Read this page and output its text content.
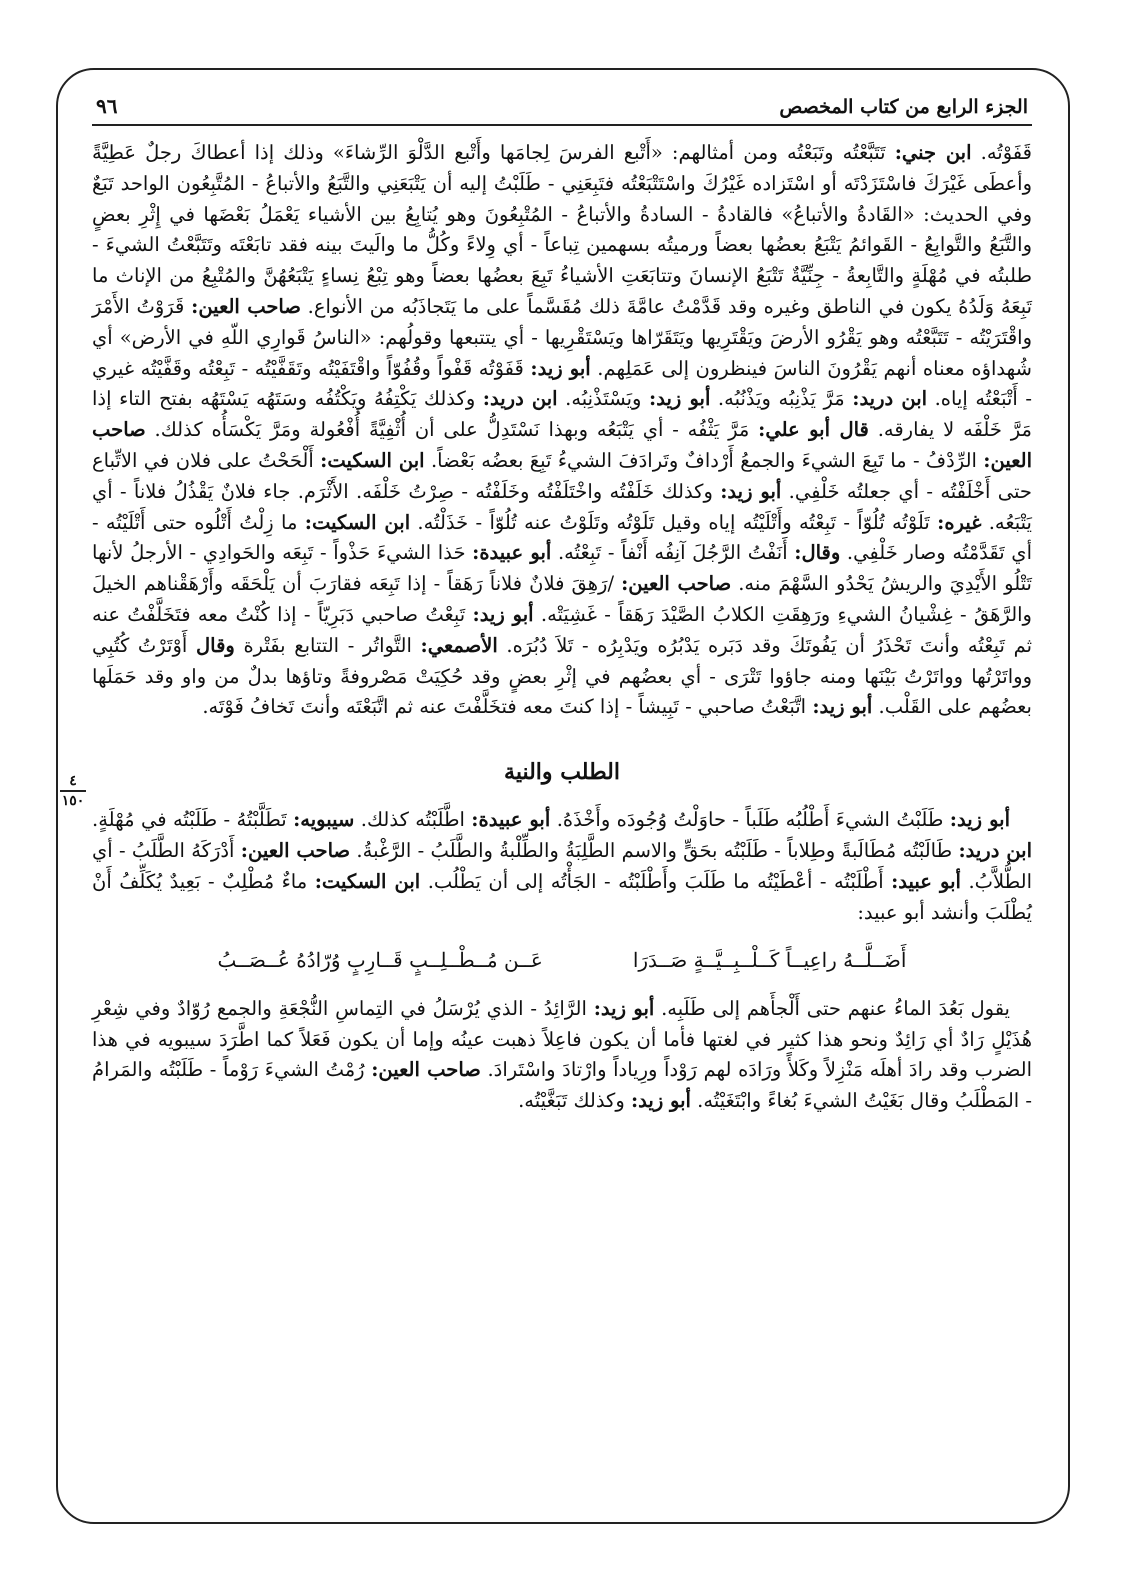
٤
١٥٠
الجزء الرابع من كتاب المخصص
٩٦

قَفَوْتُه. ابن جني: تَتَبَّعْتُه وتَبَعْتُه ومن أمثالهم: «أَتْبع الفرسَ لِجامَها وأَتْبع الدَّلْوَ الرِّشاءَ» وذلك إذا أعطاكَ رجلٌ عَطِيَّةً وأعطَى غَيْرَكَ فاسْتَزَدْتَه أو اسْتَزاده غَيْرُكَ واسْتَتْبَعْتُه فتَبِعَنِي - طَلَبْتُ إليه أن يَتْبَعَنِي والتَّبَعُ والأتباعُ - المُتَّبِعُون الواحد تَبَعٌ وفي الحديث: «القَادةُ والأتباعُ» فالقادةُ - السادةُ والأتباعُ - المُتْبِعُونَ وهو يُتابِعُ بين الأشياء يَعْمَلُ بَعْضَها في إِثْرِ بعضٍ والتَّبَعُ والتَّوابِعُ - القَوائمُ يَتْبَعُ بعضُها بعضاً ورميتُه بسهمين تِباعاً - أي وِلاءً وكُلُّ ما والَيتَ بينه فقد تابَعْتَه وتَتَبَّعْتُ الشيءَ - طلبتُه في مُهْلَةٍ والتَّابِعةُ - جِنِّيَّةٌ تَتْبَعُ الإنسانَ وتتابَعَتِ الأشياءُ تَبِعَ بعضُها بعضاً وهو تِبْعُ نِساءٍ يَتْبَعُهُنَّ والمُتْبِعُ من الإناث ما تَبِعَهُ وَلَدُهُ يكون في الناطق وغيره وقد قَدَّمْتُ عامَّةَ ذلك مُقَسَّماً على ما يَتَجاذَبُه من الأنواع. صاحب العين: قَرَوْتُ الأَمْرَ واقْتَرَيْتُه - تَتَبَّعْتُه وهو يَقْرُو الأرضَ ويَقْتَرِيها ويَتَقَرّاها ويَسْتَقْرِيها - أي يتتبعها وقولُهم: «الناسُ قَوارِي اللّهِ في الأرض» أي شُهداؤه معناه أنهم يَقْرُونَ الناسَ فينظرون إلى عَمَلِهم. أبو زيد: قَفَوْتُه قَفْواً وقُفُوّاً واقْتَفَيْتُه وتَقَفَّيْتُه - تَبِعْتُه وقَفَّيْتُه غيري - أَتْبَعْتُه إياه. ابن دريد: مَرَّ يَذْنِبُه ويَذْنُبُه. أبو زيد: ويَسْتَذْنِبُه. ابن دريد: وكذلك يَكْتِفُهُ ويَكْتُفُه وسَتَهُه يَسْتَهُه بفتح التاء إذا مَرَّ خَلْفَه لا يفارقه. قال أبو علي: مَرَّ يَثْفُه - أي يَتْبَعُه وبهذا نَسْتَدِلُّ على أن أُثْفِيَّةً أُفْعُولة ومَرَّ يَكْسَأُه كذلك. صاحب العين: الرِّدْفُ - ما تَبِعَ الشيءَ والجمعُ أَرْدافٌ وتَرادَفَ الشيءُ تَبِعَ بعضُه بَعْضاً. ابن السكيت: أَلْحَحْتُ على فلان في الاتِّباع حتى أَخْلَفْتُه - أي جعلتُه خَلْفِي. أبو زيد: وكذلك خَلَفْتُه واخْتَلَفْتُه وخَلَفْتُه - صِرْتُ خَلْفَه. الأَثْرَم. جاء فلانٌ يَقْذُلُ فلاناً - أي يَتْبَعُه. غيره: تَلَوْتُه تُلُوّاً - تَبِعْتُه وأَتْلَيْتُه إياه وقيل تَلَوْتُه وتَلَوْتُ عنه تُلُوّاً - خَذَلْتُه. ابن السكيت: ما زِلْتُ أَتْلُوه حتى أَتْلَيْتُه - أي تَقَدَّمْتُه وصار خَلْفِي. وقال: أَنَفْتُ الرَّجُلَ آنِفُه أَنْفاً - تَبِعْتُه. أبو عبيدة: حَذا الشيءَ حَذْواً - تَبِعَه والحَوادِي - الأرجلُ لأنها تَتْلُو الأَيْدِيَ والريشُ يَحْدُو السَّهْمَ منه. صاحب العين: /رَهِقَ فلانٌ فلاناً رَهَقاً - إذا تَبِعَه فقارَبَ أن يَلْحَقَه وأَرْهَقْناهم الخيلَ والرَّهَقُ - غِشْيانُ الشيءِ ورَهِقَتِ الكلابُ الصَّيْدَ رَهَقاً - غَشِيَتْه. أبو زيد: تَبِعْتُ صاحبي دَبَرِيّاً - إذا كُنْتُ معه فتَخَلَّفْتُ عنه ثم تَبِعْتُه وأنتَ تَحْذَرُ أن يَفُوتَكَ وقد دَبَره يَدْبُرُه ويَدْبِرُه - تَلاَ دُبُرَه. الأصمعي: التَّواتُر - التتابع بفَتْرة وقال أَوْتَرْتُ كُتُبِي وواتَرْتُها وواتَرْتُ بَيْنَها ومنه جاؤوا تَتْرَى - أي بعضُهم في إثْرِ بعضٍ وقد حُكِيَتْ مَصْروفةً وتاؤها بدلٌ من واو وقد حَمَلَها بعضُهم على القَلْب. أبو زيد: اتَّبَعْتُ صاحبي - تَبِيشاً - إذا كنتَ معه فتخَلَّفْتَ عنه ثم اتَّبَعْتَه وأنتَ تَخافُ فَوْتَه.

الطلب والنية

أبو زيد: طَلَبْتُ الشيءَ أَطْلُبُه طَلَباً - حاوَلْتُ وُجُودَه وأَخْذَهُ. أبو عبيدة: اطَّلَبْتُه كذلك. سيبويه: تَطَلَّبْتُهُ - طَلَبْتُه في مُهْلَةٍ. ابن دريد: طَالَبْتُه مُطَالَبةً وطِلاباً - طَلَبْتُه بحَقٍّ والاسم الطَّلِبَةُ والطِّلْبةُ والطَّلَبُ - الرَّغْبةُ. صاحب العين: أَدْرَكَهُ الطَّلَبُ - أي الطُّلاَّبُ. أبو عبيد: أَطْلَبْتُه - أعْطَيْتُه ما طَلَبَ وأَطْلَبْتُه - الجَأْتُه إلى أن يَطْلُب. ابن السكيت: ماءٌ مُطْلِبٌ - بَعِيدٌ يُكَلِّفُ أَنْ يُطْلَبَ وأنشد أبو عبيد:

أَضَــلَّــهُ راعِيــاً كَــلْــبِــيَّــةٍ صَــدَرَا
عَــن مُــطْــلِــبٍ قَــارِبٍ وُرّادُهُ عُــصَــبُ

يقول بَعُدَ الماءُ عنهم حتى أَلْجأَهم إلى طَلَبِه. أبو زيد: الرَّائِدُ - الذي يُرْسَلُ في التِماسِ النُّجْعَةِ والجمع رُوّادٌ وفي شِعْرِ هُذَيْلٍ رَادٌ أي رَائِدٌ ونحو هذا كثير في لغتها فأما أن يكون فاعِلاً ذهبت عينُه وإما أن يكون فَعَلاً كما اطَّرَدَ سيبويه في هذا الضرب وقد رادَ أهلَه مَنْزِلاً وكَلأً ورَادَه لهم رَوْداً ورِياداً وارْتادَ واسْتَرادَ. صاحب العين: رُمْتُ الشيءَ رَوْماً - طَلَبْتُه والمَرامُ - المَطْلَبُ وقال بَغَيْتُ الشيءَ بُغاءً وابْتَغَيْتُه. أبو زيد: وكذلك تَبَغَّيْتُه.
